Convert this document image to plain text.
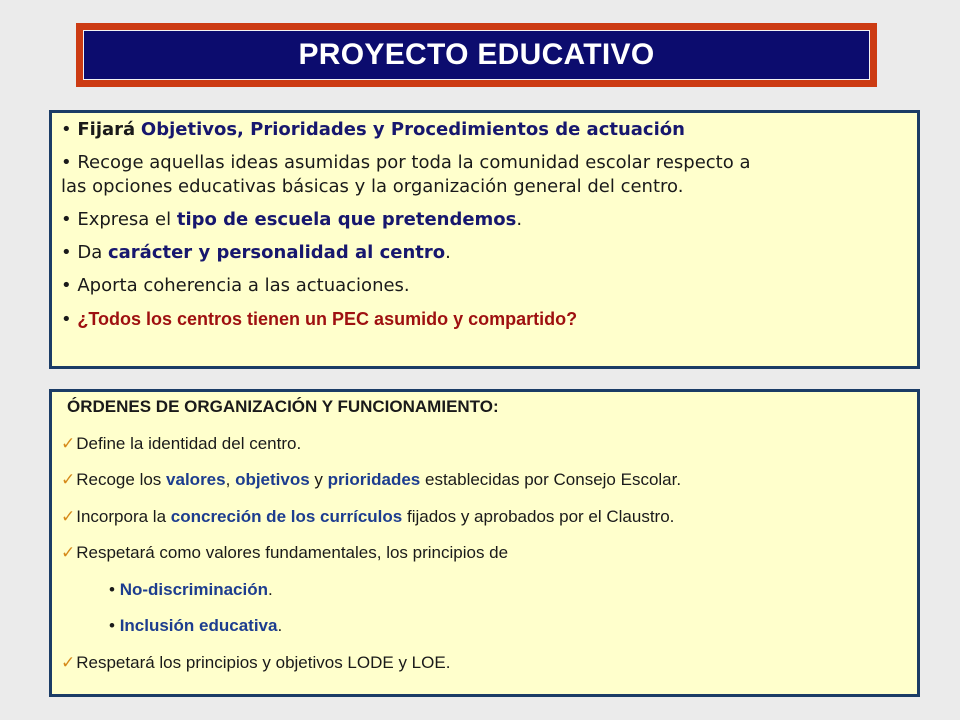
PROYECTO EDUCATIVO

• Fijará Objetivos, Prioridades y Procedimientos de actuación

• Recoge aquellas ideas asumidas por toda la comunidad escolar respecto a
las opciones educativas básicas y la organización general del centro.

• Expresa el tipo de escuela que pretendemos.

• Da carácter y personalidad al centro.

• Aporta coherencia a las actuaciones.

• ¿Todos los centros tienen un PEC asumido y compartido?

ÓRDENES DE ORGANIZACIÓN Y FUNCIONAMIENTO:

✓Define la identidad del centro.

✓Recoge los valores, objetivos y prioridades establecidas por Consejo Escolar.

✓Incorpora la concreción de los currículos fijados y aprobados por el Claustro.

✓Respetará como valores fundamentales, los principios de

• No-discriminación.

• Inclusión educativa.

✓Respetará los principios y objetivos LODE y LOE.
